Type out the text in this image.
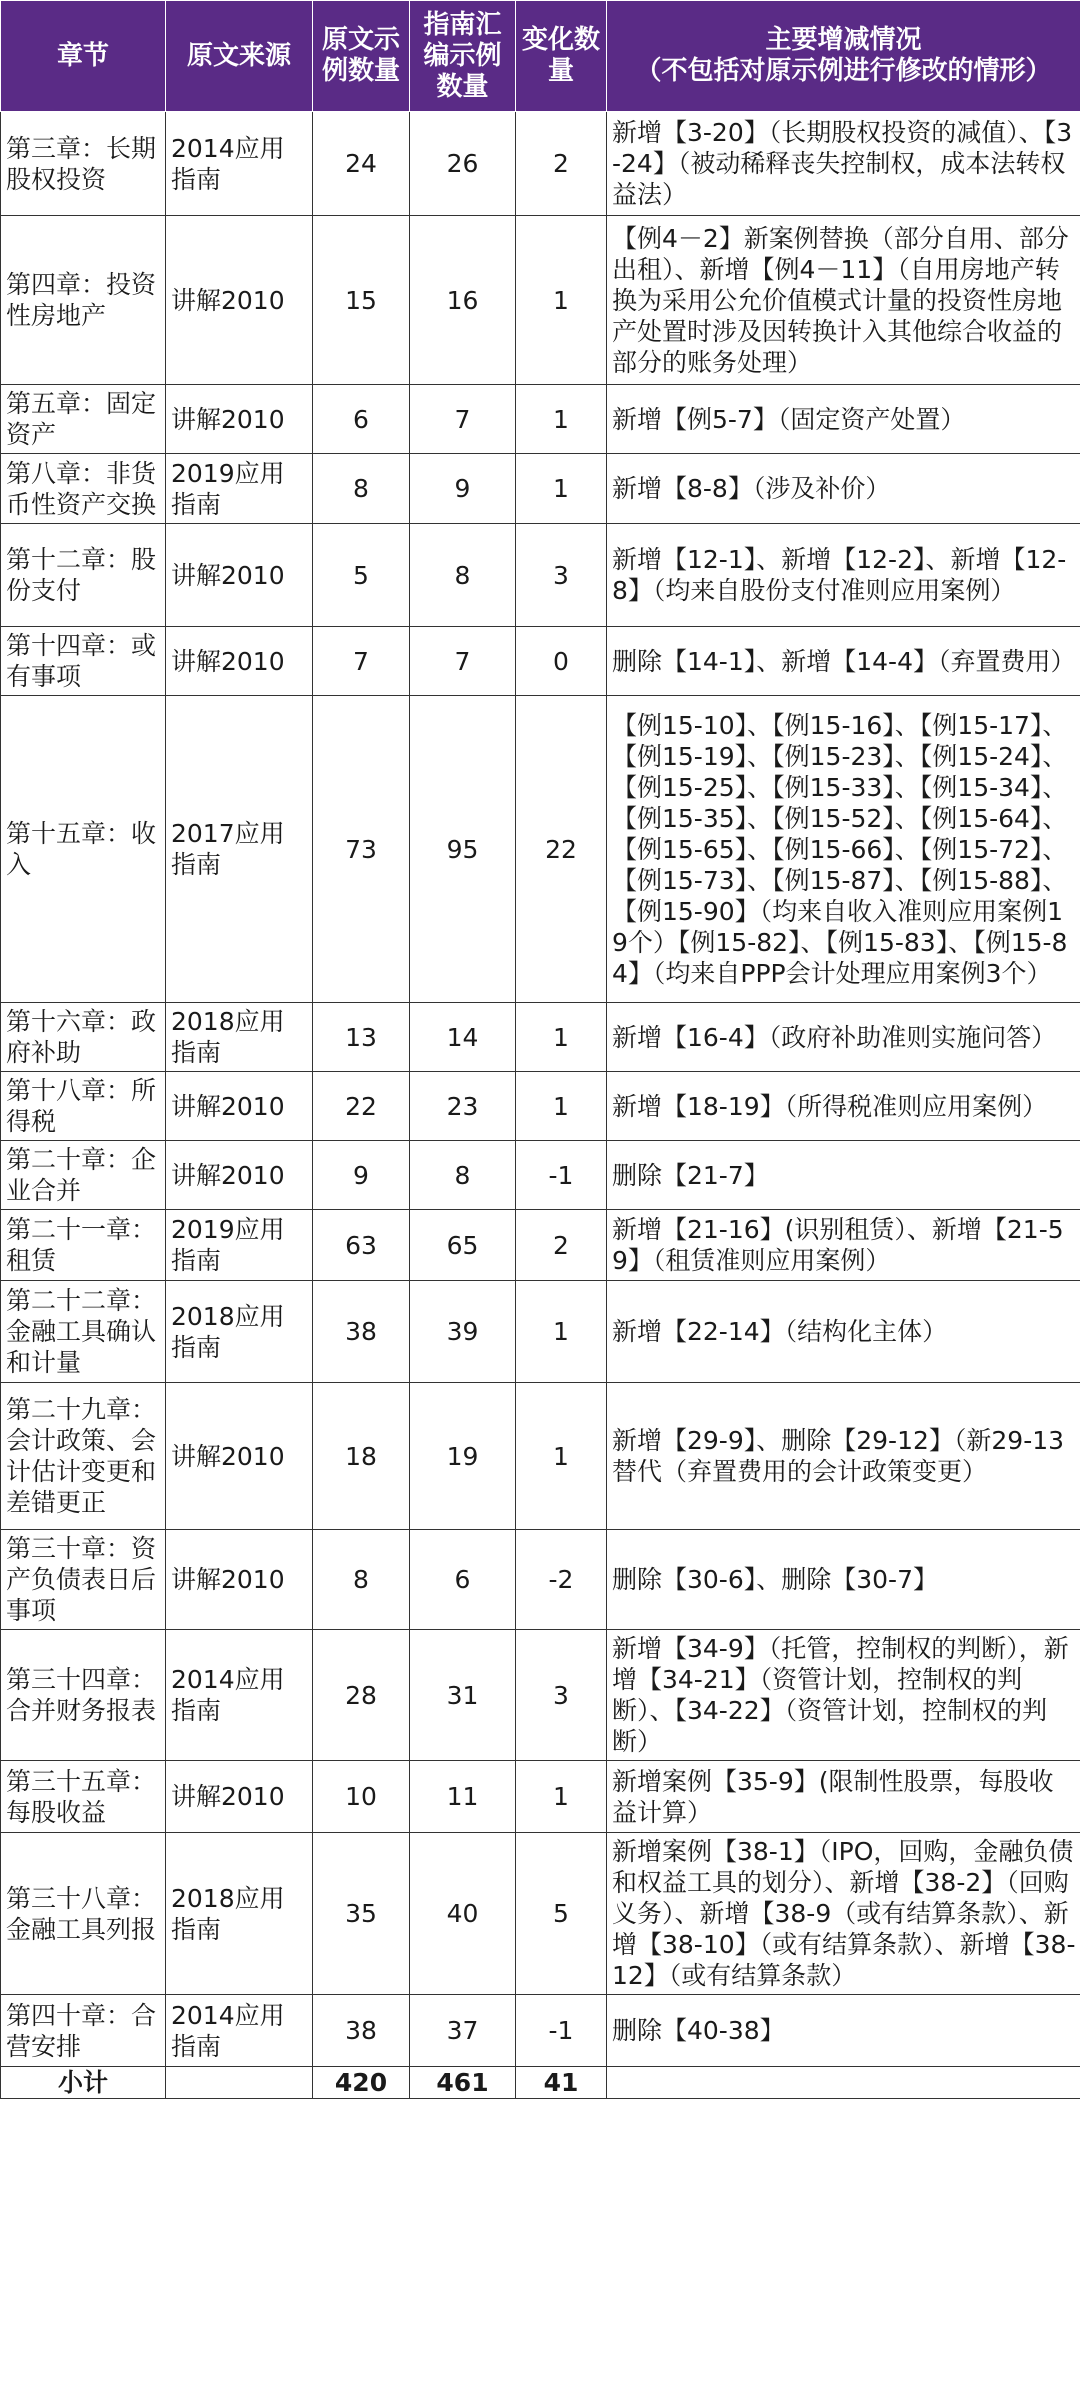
章节	原文来源	原文示例数量	指南汇编示例数量	变化数量	主要增减情况
（不包括对原示例进行修改的情形）
第三章：长期股权投资	2014应用指南	24	26	2	新增【3-20】（长期股权投资的减值）、【3-24】（被动稀释丧失控制权，成本法转权益法）
第四章：投资性房地产	讲解2010	15	16	1	【例4－2】新案例替换（部分自用、部分出租）、新增【例4－11】（自用房地产转换为采用公允价值模式计量的投资性房地产处置时涉及因转换计入其他综合收益的部分的账务处理）
第五章：固定资产	讲解2010	6	7	1	新增【例5-7】（固定资产处置）
第八章：非货币性资产交换	2019应用指南	8	9	1	新增【8-8】（涉及补价）
第十二章：股份支付	讲解2010	5	8	3	新增【12-1】、新增【12-2】、新增【12-8】（均来自股份支付准则应用案例）
第十四章：或有事项	讲解2010	7	7	0	删除【14-1】、新增【14-4】（弃置费用）
第十五章：收入	2017应用指南	73	95	22	【例15-10】、【例15-16】、【例15-17】、【例15-19】、【例15-23】、【例15-24】、【例15-25】、【例15-33】、【例15-34】、【例15-35】、【例15-52】、【例15-64】、【例15-65】、【例15-66】、【例15-72】、【例15-73】、【例15-87】、【例15-88】、【例15-90】（均来自收入准则应用案例19个）【例15-82】、【例15-83】、【例15-84】（均来自PPP会计处理应用案例3个）
第十六章：政府补助	2018应用指南	13	14	1	新增【16-4】（政府补助准则实施问答）
第十八章：所得税	讲解2010	22	23	1	新增【18-19】（所得税准则应用案例）
第二十章：企业合并	讲解2010	9	8	-1	删除【21-7】
第二十一章：租赁	2019应用指南	63	65	2	新增【21-16】(识别租赁）、新增【21-59】（租赁准则应用案例）
第二十二章：金融工具确认和计量	2018应用指南	38	39	1	新增【22-14】（结构化主体）
第二十九章：会计政策、会计估计变更和差错更正	讲解2010	18	19	1	新增【29-9】、删除【29-12】（新29-13替代（弃置费用的会计政策变更）
第三十章：资产负债表日后事项	讲解2010	8	6	-2	删除【30-6】、删除【30-7】
第三十四章：合并财务报表	2014应用指南	28	31	3	新增【34-9】（托管，控制权的判断），新增【34-21】（资管计划，控制权的判断）、【34-22】（资管计划，控制权的判断）
第三十五章：每股收益	讲解2010	10	11	1	新增案例【35-9】(限制性股票，每股收益计算）
第三十八章：金融工具列报	2018应用指南	35	40	5	新增案例【38-1】（IPO，回购，金融负债和权益工具的划分）、新增【38-2】（回购义务）、新增【38-9（或有结算条款）、新增【38-10】（或有结算条款）、新增【38-12】（或有结算条款）
第四十章：合营安排	2014应用指南	38	37	-1	删除【40-38】
小计		420	461	41	
